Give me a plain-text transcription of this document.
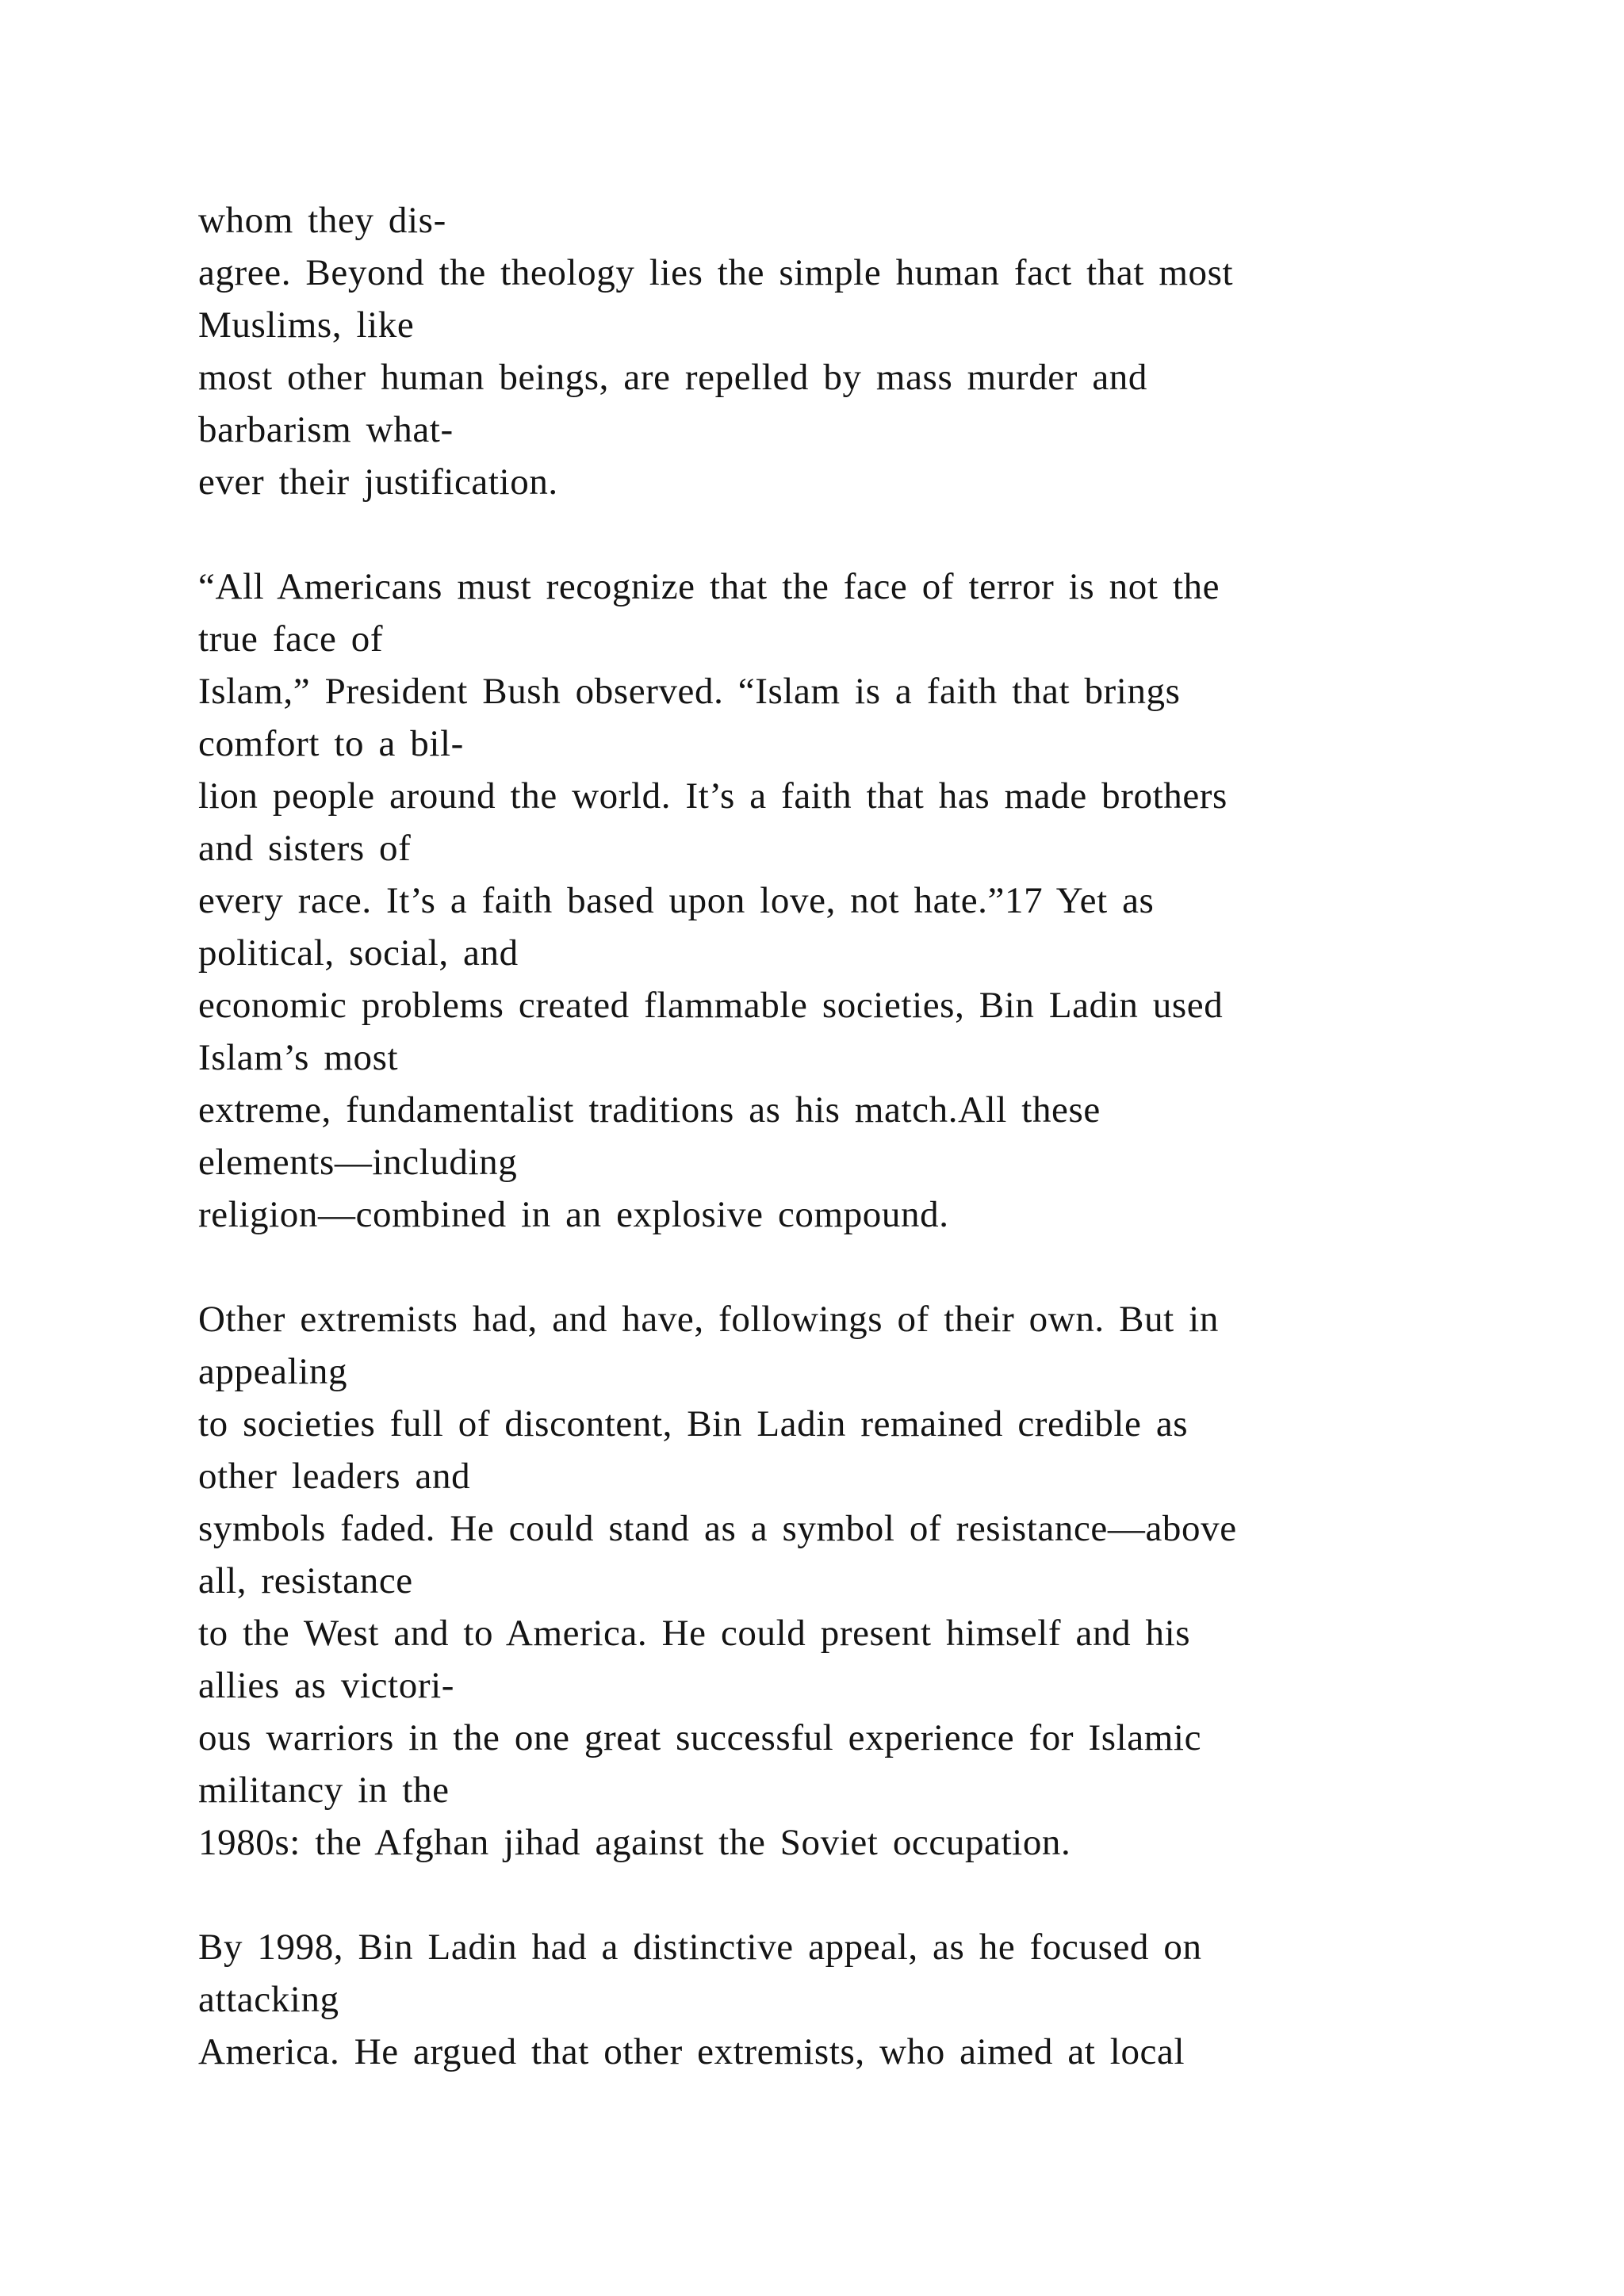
whom they dis-
agree. Beyond the theology lies the simple human fact that most
Muslims, like
most other human beings, are repelled by mass murder and
barbarism what-
ever their justification.
“All Americans must recognize that the face of terror is not the
true face of
Islam,” President Bush observed. “Islam is a faith that brings
comfort to a bil-
lion people around the world. It’s a faith that has made brothers
and sisters of
every race. It’s a faith based upon love, not hate.”17 Yet as
political, social, and
economic problems created flammable societies, Bin Ladin used
Islam’s most
extreme, fundamentalist traditions as his match.All these
elements—including
religion—combined in an explosive compound.
Other extremists had, and have, followings of their own. But in
appealing
to societies full of discontent, Bin Ladin remained credible as
other leaders and
symbols faded. He could stand as a symbol of resistance—above
all, resistance
to the West and to America. He could present himself and his
allies as victori-
ous warriors in the one great successful experience for Islamic
militancy in the
1980s: the Afghan jihad against the Soviet occupation.
By 1998, Bin Ladin had a distinctive appeal, as he focused on
attacking
America. He argued that other extremists, who aimed at local
